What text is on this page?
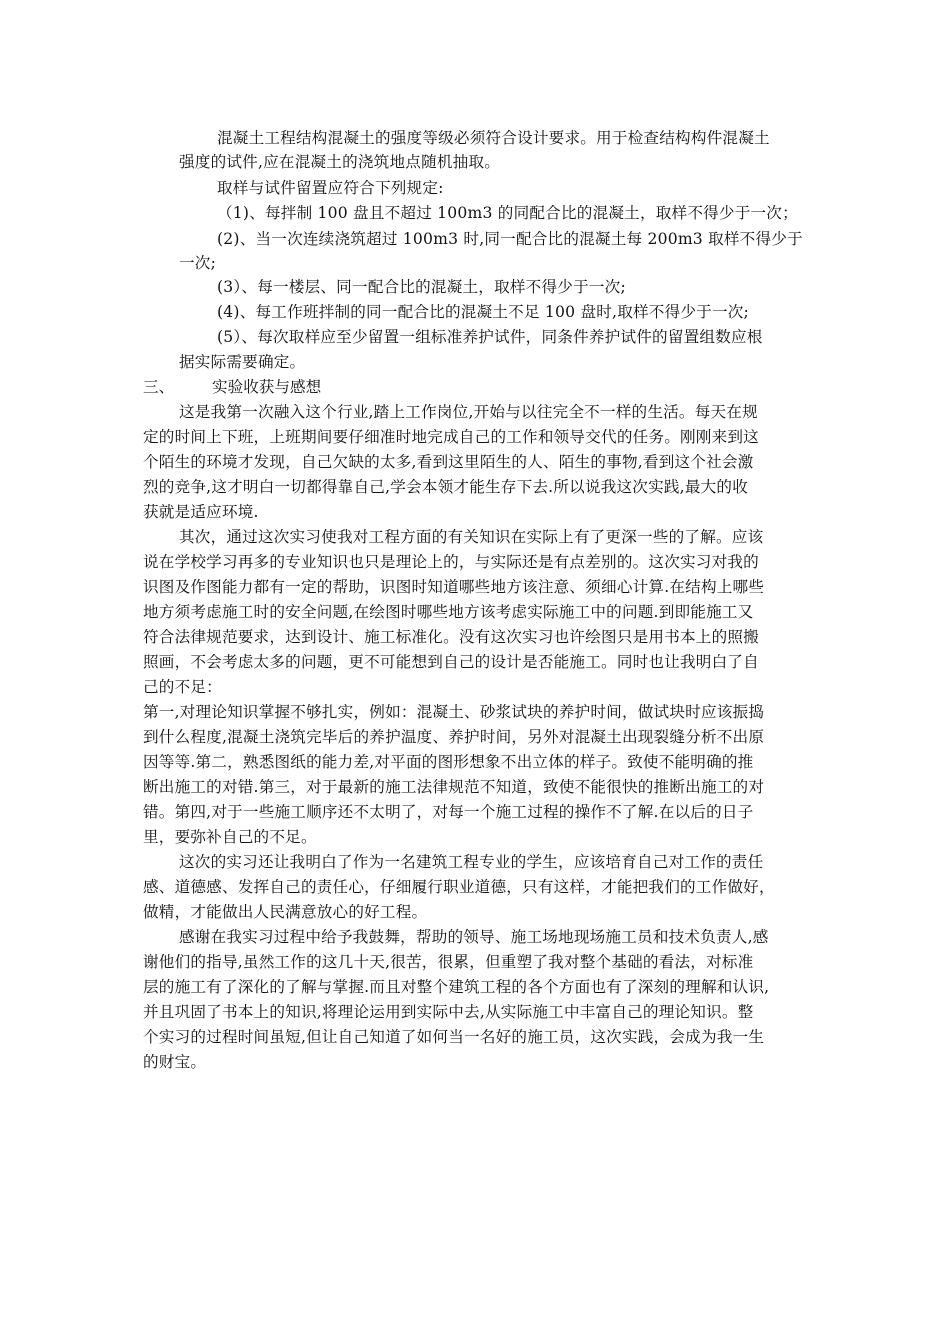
混凝土工程结构混凝土的强度等级必须符合设计要求。用于检查结构构件混凝土
强度的试件,应在混凝土的浇筑地点随机抽取。
取样与试件留置应符合下列规定:
（1)、每拌制 100 盘且不超过 100m3 的同配合比的混凝土，取样不得少于一次；
(2)、当一次连续浇筑超过 100m3 时,同一配合比的混凝土每 200m3 取样不得少于
一次;
(3）、每一楼层、同一配合比的混凝土，取样不得少于一次;
(4)、每工作班拌制的同一配合比的混凝土不足 100 盘时,取样不得少于一次;
(5）、每次取样应至少留置一组标准养护试件，同条件养护试件的留置组数应根
据实际需要确定。
三、 实验收获与感想
这是我第一次融入这个行业,踏上工作岗位,开始与以往完全不一样的生活。每天在规
定的时间上下班，上班期间要仔细准时地完成自己的工作和领导交代的任务。刚刚来到这
个陌生的环境才发现，自己欠缺的太多,看到这里陌生的人、陌生的事物,看到这个社会激
烈的竞争,这才明白一切都得靠自己,学会本领才能生存下去.所以说我这次实践,最大的收
获就是适应环境.
其次，通过这次实习使我对工程方面的有关知识在实际上有了更深一些的了解。应该
说在学校学习再多的专业知识也只是理论上的，与实际还是有点差别的。这次实习对我的
识图及作图能力都有一定的帮助，识图时知道哪些地方该注意、须细心计算.在结构上哪些
地方须考虑施工时的安全问题,在绘图时哪些地方该考虑实际施工中的问题.到即能施工又
符合法律规范要求，达到设计、施工标准化。没有这次实习也许绘图只是用书本上的照搬
照画，不会考虑太多的问题，更不可能想到自己的设计是否能施工。同时也让我明白了自
己的不足：
第一,对理论知识掌握不够扎实，例如：混凝土、砂浆试块的养护时间，做试块时应该振捣
到什么程度,混凝土浇筑完毕后的养护温度、养护时间，另外对混凝土出现裂缝分析不出原
因等等.第二，熟悉图纸的能力差,对平面的图形想象不出立体的样子。致使不能明确的推
断出施工的对错.第三，对于最新的施工法律规范不知道，致使不能很快的推断出施工的对
错。第四,对于一些施工顺序还不太明了，对每一个施工过程的操作不了解.在以后的日子
里，要弥补自己的不足。
这次的实习还让我明白了作为一名建筑工程专业的学生，应该培育自己对工作的责任
感、道德感、发挥自己的责任心，仔细履行职业道德，只有这样，才能把我们的工作做好，
做精，才能做出人民满意放心的好工程。
感谢在我实习过程中给予我鼓舞，帮助的领导、施工场地现场施工员和技术负责人,感
谢他们的指导,虽然工作的这几十天,很苦，很累，但重塑了我对整个基础的看法，对标准
层的施工有了深化的了解与掌握.而且对整个建筑工程的各个方面也有了深刻的理解和认识,
并且巩固了书本上的知识,将理论运用到实际中去,从实际施工中丰富自己的理论知识。整
个实习的过程时间虽短,但让自己知道了如何当一名好的施工员，这次实践，会成为我一生
的财宝。
